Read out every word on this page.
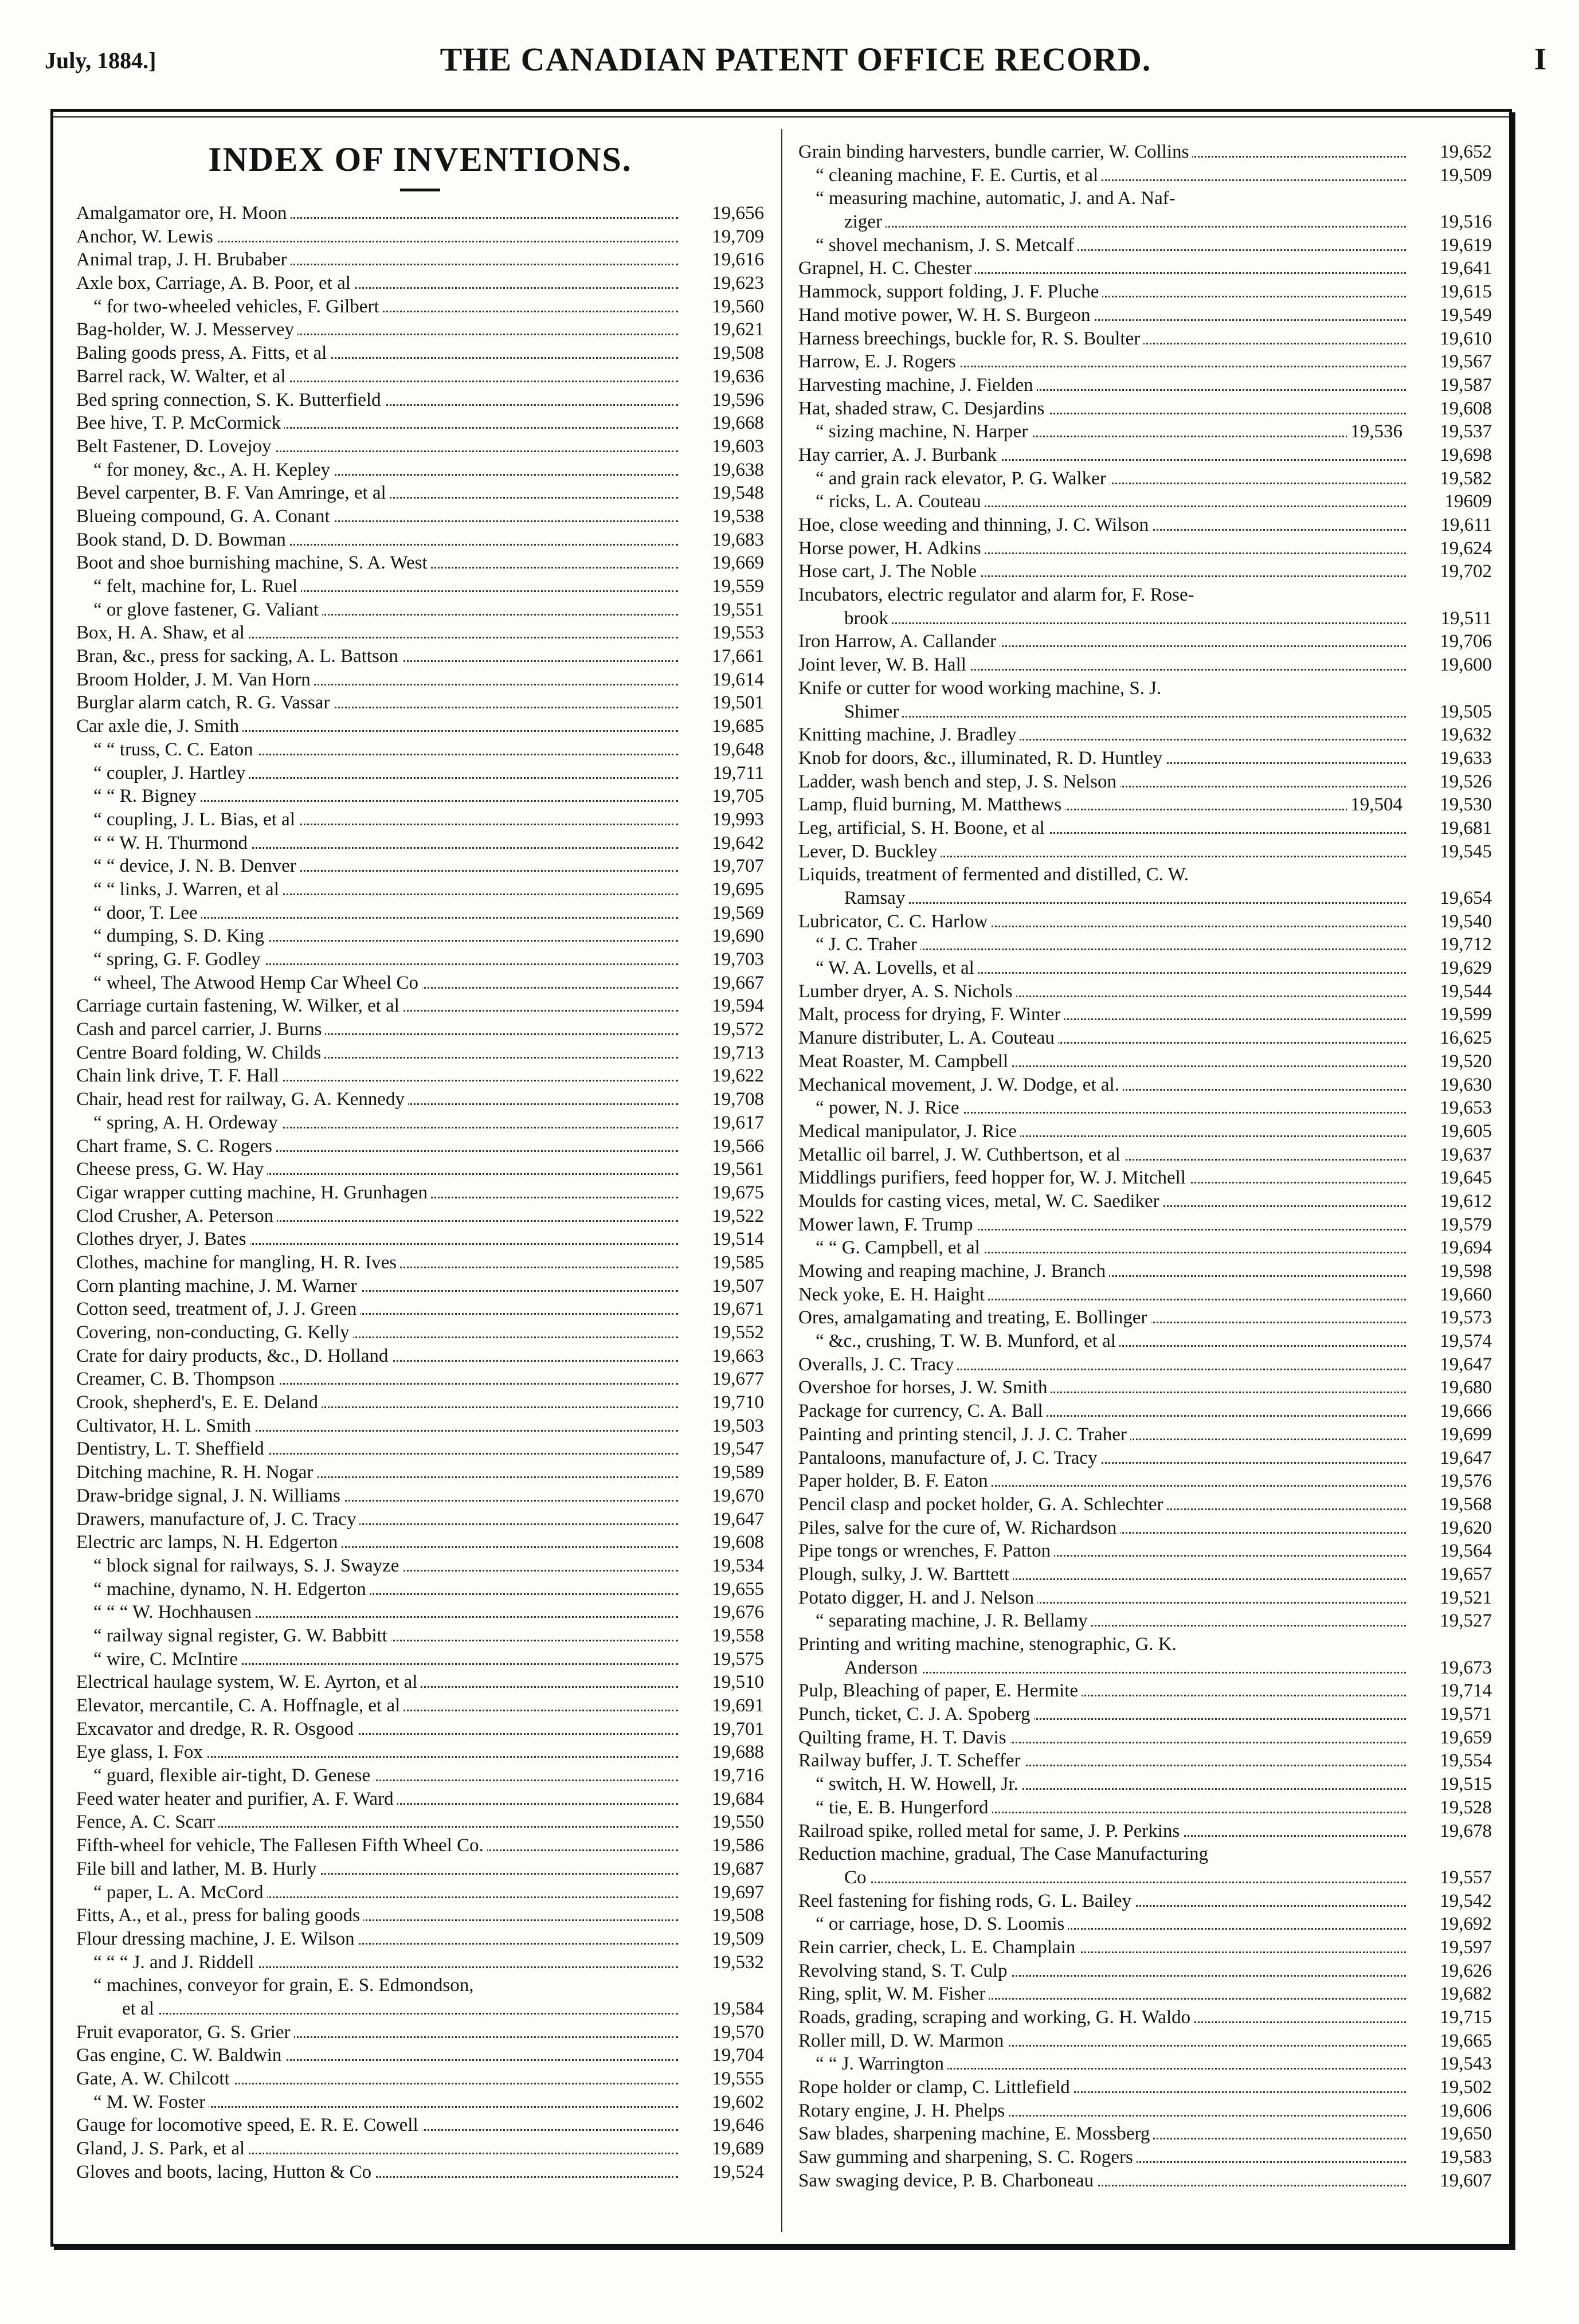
July, 1884.]	THE CANADIAN PATENT OFFICE RECORD.	I
INDEX OF INVENTIONS.
Amalgamator ore, H. Moon	19,656
Anchor, W. Lewis	19,709
Animal trap, J. H. Brubaber	19,616
Axle box, Carriage, A. B. Poor, et al	19,623
“ for two-wheeled vehicles, F. Gilbert	19,560
Bag-holder, W. J. Messervey	19,621
Baling goods press, A. Fitts, et al	19,508
Barrel rack, W. Walter, et al	19,636
Bed spring connection, S. K. Butterfield	19,596
Bee hive, T. P. McCormick	19,668
Belt Fastener, D. Lovejoy	19,603
“ for money, &c., A. H. Kepley	19,638
Bevel carpenter, B. F. Van Amringe, et al	19,548
Blueing compound, G. A. Conant	19,538
Book stand, D. D. Bowman	19,683
Boot and shoe burnishing machine, S. A. West	19,669
“ felt, machine for, L. Ruel	19,559
“ or glove fastener, G. Valiant	19,551
Box, H. A. Shaw, et al	19,553
Bran, &c., press for sacking, A. L. Battson	17,661
Broom Holder, J. M. Van Horn	19,614
Burglar alarm catch, R. G. Vassar	19,501
Car axle die, J. Smith	19,685
“ “ truss, C. C. Eaton	19,648
“ coupler, J. Hartley	19,711
“ “ R. Bigney	19,705
“ coupling, J. L. Bias, et al	19,993
“ “ W. H. Thurmond	19,642
“ “ device, J. N. B. Denver	19,707
“ “ links, J. Warren, et al	19,695
“ door, T. Lee	19,569
“ dumping, S. D. King	19,690
“ spring, G. F. Godley	19,703
“ wheel, The Atwood Hemp Car Wheel Co	19,667
Carriage curtain fastening, W. Wilker, et al	19,594
Cash and parcel carrier, J. Burns	19,572
Centre Board folding, W. Childs	19,713
Chain link drive, T. F. Hall	19,622
Chair, head rest for railway, G. A. Kennedy	19,708
“ spring, A. H. Ordeway	19,617
Chart frame, S. C. Rogers	19,566
Cheese press, G. W. Hay	19,561
Cigar wrapper cutting machine, H. Grunhagen	19,675
Clod Crusher, A. Peterson	19,522
Clothes dryer, J. Bates	19,514
Clothes, machine for mangling, H. R. Ives	19,585
Corn planting machine, J. M. Warner	19,507
Cotton seed, treatment of, J. J. Green	19,671
Covering, non-conducting, G. Kelly	19,552
Crate for dairy products, &c., D. Holland	19,663
Creamer, C. B. Thompson	19,677
Crook, shepherd's, E. E. Deland	19,710
Cultivator, H. L. Smith	19,503
Dentistry, L. T. Sheffield	19,547
Ditching machine, R. H. Nogar	19,589
Draw-bridge signal, J. N. Williams	19,670
Drawers, manufacture of, J. C. Tracy	19,647
Electric arc lamps, N. H. Edgerton	19,608
“ block signal for railways, S. J. Swayze	19,534
“ machine, dynamo, N. H. Edgerton	19,655
“ “ “ W. Hochhausen	19,676
“ railway signal register, G. W. Babbitt	19,558
“ wire, C. McIntire	19,575
Electrical haulage system, W. E. Ayrton, et al	19,510
Elevator, mercantile, C. A. Hoffnagle, et al	19,691
Excavator and dredge, R. R. Osgood	19,701
Eye glass, I. Fox	19,688
“ guard, flexible air-tight, D. Genese	19,716
Feed water heater and purifier, A. F. Ward	19,684
Fence, A. C. Scarr	19,550
Fifth-wheel for vehicle, The Fallesen Fifth Wheel Co.	19,586
File bill and lather, M. B. Hurly	19,687
“ paper, L. A. McCord	19,697
Fitts, A., et al., press for baling goods	19,508
Flour dressing machine, J. E. Wilson	19,509
“ “ “ J. and J. Riddell	19,532
“ machines, conveyor for grain, E. S. Edmondson,
et al	19,584
Fruit evaporator, G. S. Grier	19,570
Gas engine, C. W. Baldwin	19,704
Gate, A. W. Chilcott	19,555
“ M. W. Foster	19,602
Gauge for locomotive speed, E. R. E. Cowell	19,646
Gland, J. S. Park, et al	19,689
Gloves and boots, lacing, Hutton & Co	19,524
Grain binding harvesters, bundle carrier, W. Collins	19,652
“ cleaning machine, F. E. Curtis, et al	19,509
“ measuring machine, automatic, J. and A. Naf-
ziger	19,516
“ shovel mechanism, J. S. Metcalf	19,619
Grapnel, H. C. Chester	19,641
Hammock, support folding, J. F. Pluche	19,615
Hand motive power, W. H. S. Burgeon	19,549
Harness breechings, buckle for, R. S. Boulter	19,610
Harrow, E. J. Rogers	19,567
Harvesting machine, J. Fielden	19,587
Hat, shaded straw, C. Desjardins	19,608
“ sizing machine, N. Harper	19,536 19,537
Hay carrier, A. J. Burbank	19,698
“ and grain rack elevator, P. G. Walker	19,582
“ ricks, L. A. Couteau	19609
Hoe, close weeding and thinning, J. C. Wilson	19,611
Horse power, H. Adkins	19,624
Hose cart, J. The Noble	19,702
Incubators, electric regulator and alarm for, F. Rose-
brook	19,511
Iron Harrow, A. Callander	19,706
Joint lever, W. B. Hall	19,600
Knife or cutter for wood working machine, S. J.
Shimer	19,505
Knitting machine, J. Bradley	19,632
Knob for doors, &c., illuminated, R. D. Huntley	19,633
Ladder, wash bench and step, J. S. Nelson	19,526
Lamp, fluid burning, M. Matthews	19,504 19,530
Leg, artificial, S. H. Boone, et al	19,681
Lever, D. Buckley	19,545
Liquids, treatment of fermented and distilled, C. W.
Ramsay	19,654
Lubricator, C. C. Harlow	19,540
“ J. C. Traher	19,712
“ W. A. Lovells, et al	19,629
Lumber dryer, A. S. Nichols	19,544
Malt, process for drying, F. Winter	19,599
Manure distributer, L. A. Couteau	16,625
Meat Roaster, M. Campbell	19,520
Mechanical movement, J. W. Dodge, et al.	19,630
“ power, N. J. Rice	19,653
Medical manipulator, J. Rice	19,605
Metallic oil barrel, J. W. Cuthbertson, et al	19,637
Middlings purifiers, feed hopper for, W. J. Mitchell	19,645
Moulds for casting vices, metal, W. C. Saediker	19,612
Mower lawn, F. Trump	19,579
“ “ G. Campbell, et al	19,694
Mowing and reaping machine, J. Branch	19,598
Neck yoke, E. H. Haight	19,660
Ores, amalgamating and treating, E. Bollinger	19,573
“ &c., crushing, T. W. B. Munford, et al	19,574
Overalls, J. C. Tracy	19,647
Overshoe for horses, J. W. Smith	19,680
Package for currency, C. A. Ball	19,666
Painting and printing stencil, J. J. C. Traher	19,699
Pantaloons, manufacture of, J. C. Tracy	19,647
Paper holder, B. F. Eaton	19,576
Pencil clasp and pocket holder, G. A. Schlechter	19,568
Piles, salve for the cure of, W. Richardson	19,620
Pipe tongs or wrenches, F. Patton	19,564
Plough, sulky, J. W. Barttett	19,657
Potato digger, H. and J. Nelson	19,521
“ separating machine, J. R. Bellamy	19,527
Printing and writing machine, stenographic, G. K.
Anderson	19,673
Pulp, Bleaching of paper, E. Hermite	19,714
Punch, ticket, C. J. A. Spoberg	19,571
Quilting frame, H. T. Davis	19,659
Railway buffer, J. T. Scheffer	19,554
“ switch, H. W. Howell, Jr.	19,515
“ tie, E. B. Hungerford	19,528
Railroad spike, rolled metal for same, J. P. Perkins	19,678
Reduction machine, gradual, The Case Manufacturing
Co	19,557
Reel fastening for fishing rods, G. L. Bailey	19,542
“ or carriage, hose, D. S. Loomis	19,692
Rein carrier, check, L. E. Champlain	19,597
Revolving stand, S. T. Culp	19,626
Ring, split, W. M. Fisher	19,682
Roads, grading, scraping and working, G. H. Waldo	19,715
Roller mill, D. W. Marmon	19,665
“ “ J. Warrington	19,543
Rope holder or clamp, C. Littlefield	19,502
Rotary engine, J. H. Phelps	19,606
Saw blades, sharpening machine, E. Mossberg	19,650
Saw gumming and sharpening, S. C. Rogers	19,583
Saw swaging device, P. B. Charboneau	19,607
